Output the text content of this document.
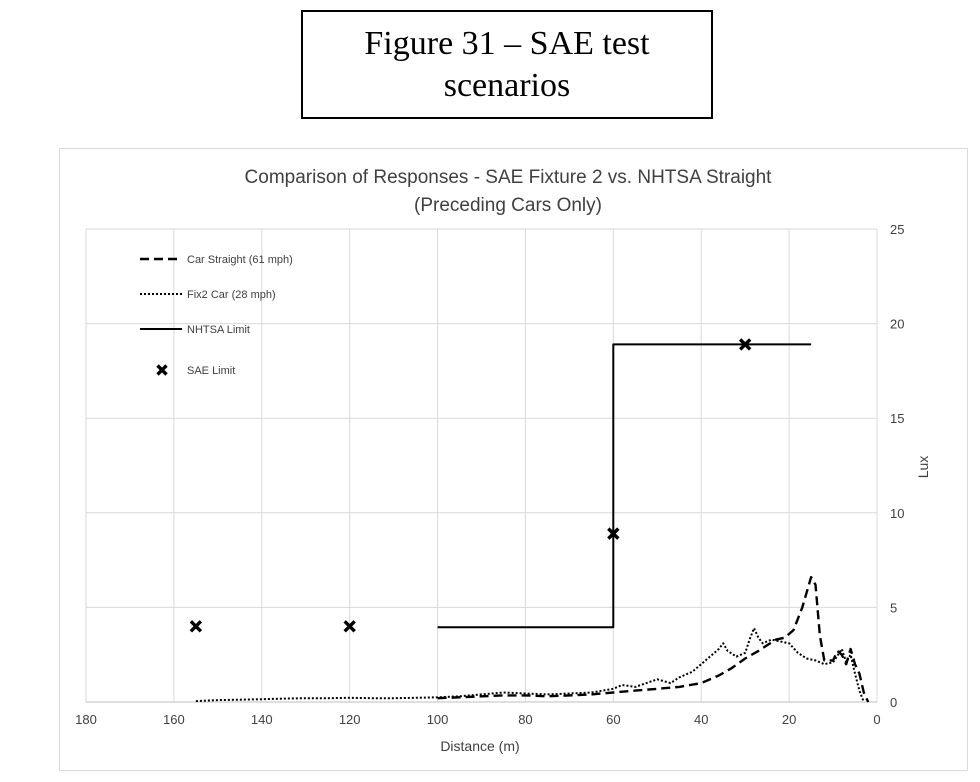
Figure 31 – SAE test
scenarios
Comparison of Responses - SAE Fixture 2 vs. NHTSA Straight
(Preceding Cars Only)
180	160	140	120	100	80	60	40	20	0
0
5
10
15
20
25
Car Straight (61 mph)
Fix2 Car (28 mph)
NHTSA Limit
SAE Limit
Distance (m)
Lux
